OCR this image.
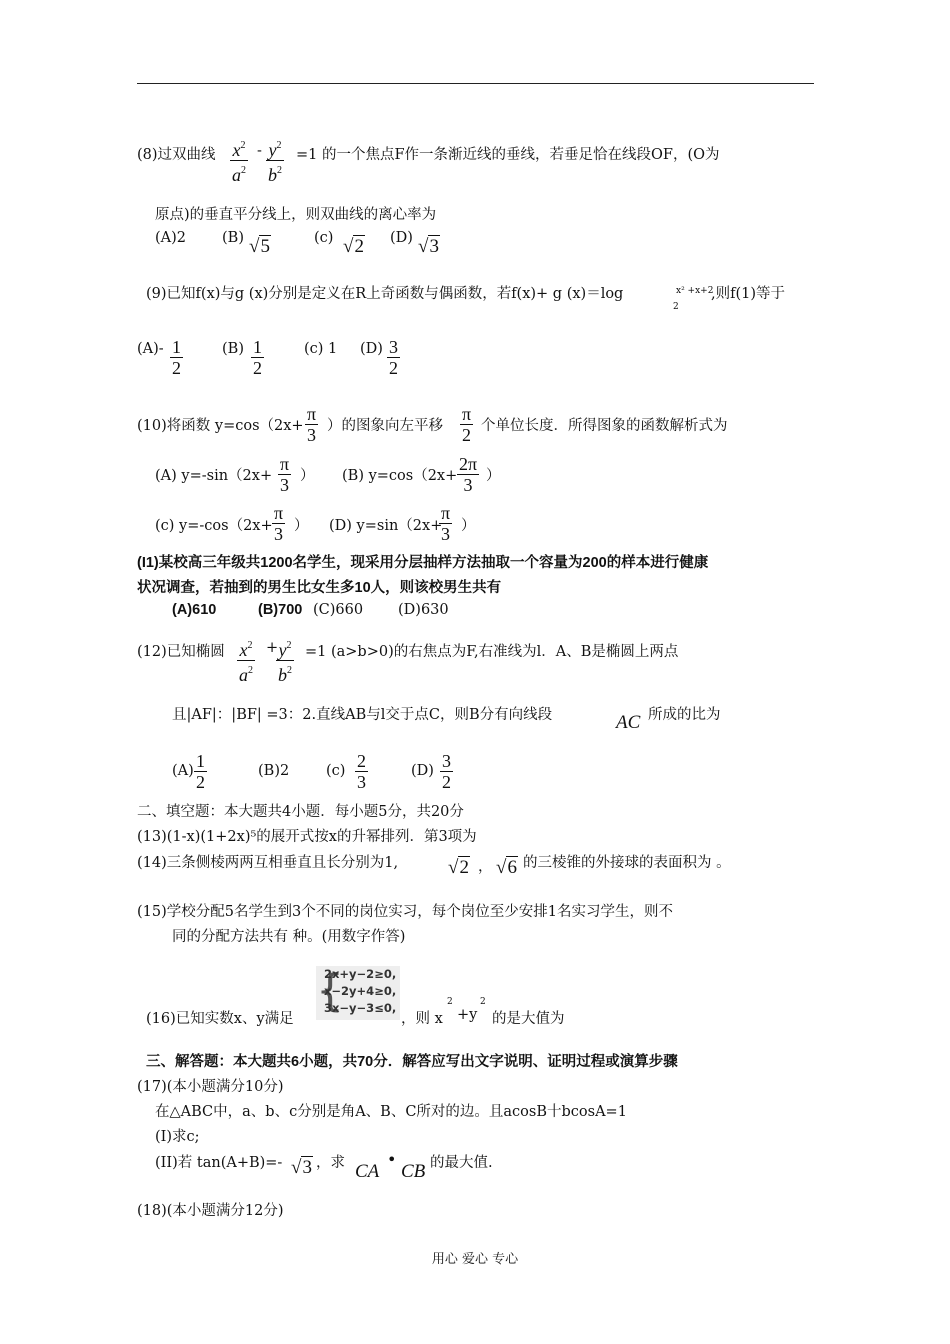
(8)过双曲线 $\frac{x^2}{a^2} - \frac{y^2}{b^2} =1$ 的一个焦点F作一条渐近线的垂线，若垂足恰在线段OF，(O为
原点)的垂直平分线上，则双曲线的离心率为
(A)2 (B) √5	(c) √2 (D) √3
(9)已知f(x)与g (x)分别是定义在R上奇函数与偶函数，若f(x)+ g (x)＝log	x² +x+2
2
,则f(1)等于
$(A)- \frac{1}{2}$	$(B) \frac{1}{2}$	(c) 1 $(D) \frac{3}{2}$
(10)将函数 $y=\cos(2x+ \frac{\pi}{3}$ ）的图象向左平移 $\frac{\pi}{2}$ 个单位长度．所得图象的函数解析式为
(A) $y=-\sin(2x+ \frac{\pi}{3}$ ） (B) $y=\cos(2x+ \frac{2\pi}{3}$ ）
(c) $y=-\cos(2x+ \frac{\pi}{3}$ ） (D) y=sin（2x+
$\frac{\pi}{3}$ ）
(I1)某校高三年级共1200名学生，现采用分层抽样方法抽取一个容量为200的样本进行健康
状况调查，若抽到的男生比女生多10人，则该校男生共有
(A)610	(B)700 (C)660 (D)630
(12)已知椭圆 $\frac{x^2}{a^2}$ +
$\frac{y^2}{b^2} =1$ (a>b>0)的右焦点为F,右准线为l．A、B是椭圆上两点
且|AF|：|BF| =3：2.直线AB与l交于点C，则B分有向线段	AC 所成的比为
$(A) \frac{1}{2}$	(B)2	$(c) \frac{2}{3}$	$(D) \frac{3}{2}$
二、填空题：本大题共4小题．每小题5分，共20分
(13)(1-x)(1+2x)⁵的展开式按x的升幂排列．第3项为
(14)三条侧棱两两互相垂直且长分别为1,	√2 ， √6 的三棱锥的外接球的表面积为 。
(15)学校分配5名学生到3个不同的岗位实习，每个岗位至少安排1名实习学生，则不
同的分配方法共有 种。(用数字作答)
(16)已知实数x、y满足
{
2x+y−2≥0,
x−2y+4≥0,
3x−y−3≤0,
，则 x
2
+y
2
的是大值为
三、解答题：本大题共6小题，共70分．解答应写出文字说明、证明过程或演算步骤
(17)(本小题满分10分)
在△ABC中，a、b、c分别是角A、B、C所对的边。且acosB十bcosA=1
(I)求c;
(II)若 tan(A+B)=- √3 ，求 CA
•
CB 的最大值.
(18)(本小题满分12分)
用心 爱心 专心
